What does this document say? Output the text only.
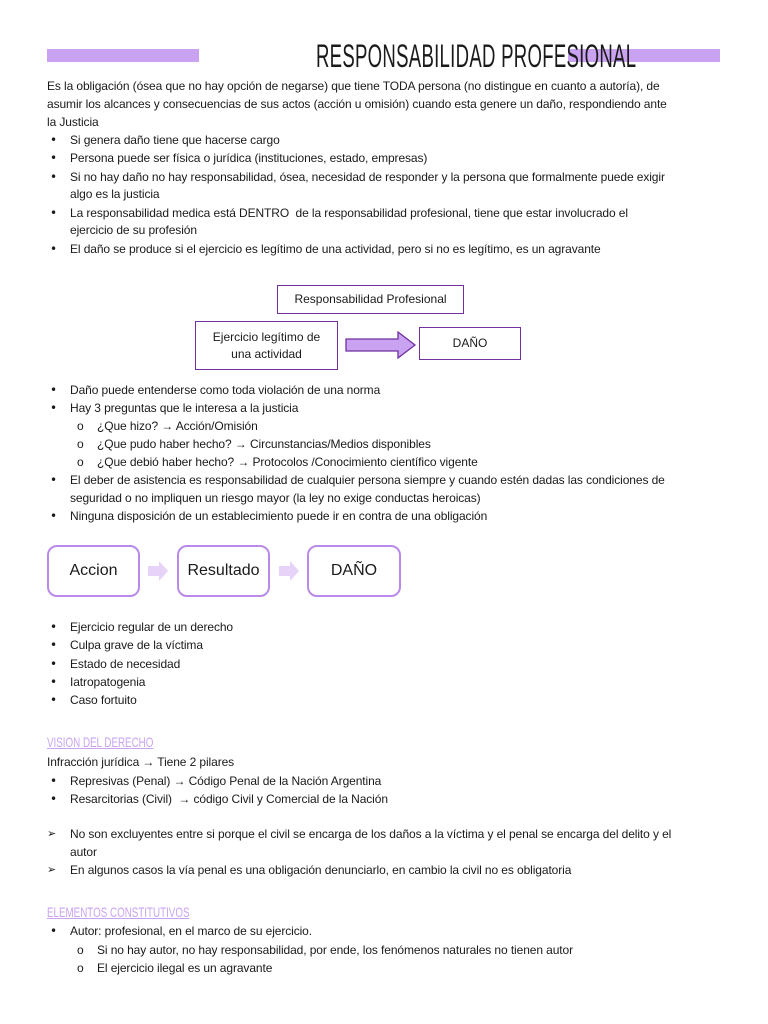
RESPONSABILIDAD PROFESIONAL
Es la obligación (ósea que no hay opción de negarse) que tiene TODA persona (no distingue en cuanto a autoría), de
asumir los alcances y consecuencias de sus actos (acción u omisión) cuando esta genere un daño, respondiendo ante
la Justicia
• Si genera daño tiene que hacerse cargo
• Persona puede ser física o jurídica (instituciones, estado, empresas)
• Si no hay daño no hay responsabilidad, ósea, necesidad de responder y la persona que formalmente puede exigir
algo es la justicia
• La responsabilidad medica está DENTRO  de la responsabilidad profesional, tiene que estar involucrado el
ejercicio de su profesión
• El daño se produce si el ejercicio es legítimo de una actividad, pero si no es legítimo, es un agravante
Responsabilidad Profesional
Ejercicio legítimo de
una actividad
DAÑO
• Daño puede entenderse como toda violación de una norma
• Hay 3 preguntas que le interesa a la justicia
o ¿Que hizo? → Acción/Omisión
o ¿Que pudo haber hecho? → Circunstancias/Medios disponibles
o ¿Que debió haber hecho? → Protocolos /Conocimiento científico vigente
• El deber de asistencia es responsabilidad de cualquier persona siempre y cuando estén dadas las condiciones de
seguridad o no impliquen un riesgo mayor (la ley no exige conductas heroicas)
• Ninguna disposición de un establecimiento puede ir en contra de una obligación
Accion	Resultado	DAÑO
• Ejercicio regular de un derecho
• Culpa grave de la víctima
• Estado de necesidad
• Iatropatogenia
• Caso fortuito
VISION DEL DERECHO
Infracción jurídica → Tiene 2 pilares
• Represivas (Penal) → Código Penal de la Nación Argentina
• Resarcitorias (Civil)  → código Civil y Comercial de la Nación
➢ No son excluyentes entre si porque el civil se encarga de los daños a la víctima y el penal se encarga del delito y el
autor
➢ En algunos casos la vía penal es una obligación denunciarlo, en cambio la civil no es obligatoria
ELEMENTOS CONSTITUTIVOS
• Autor: profesional, en el marco de su ejercicio.
o Si no hay autor, no hay responsabilidad, por ende, los fenómenos naturales no tienen autor
o El ejercicio ilegal es un agravante
